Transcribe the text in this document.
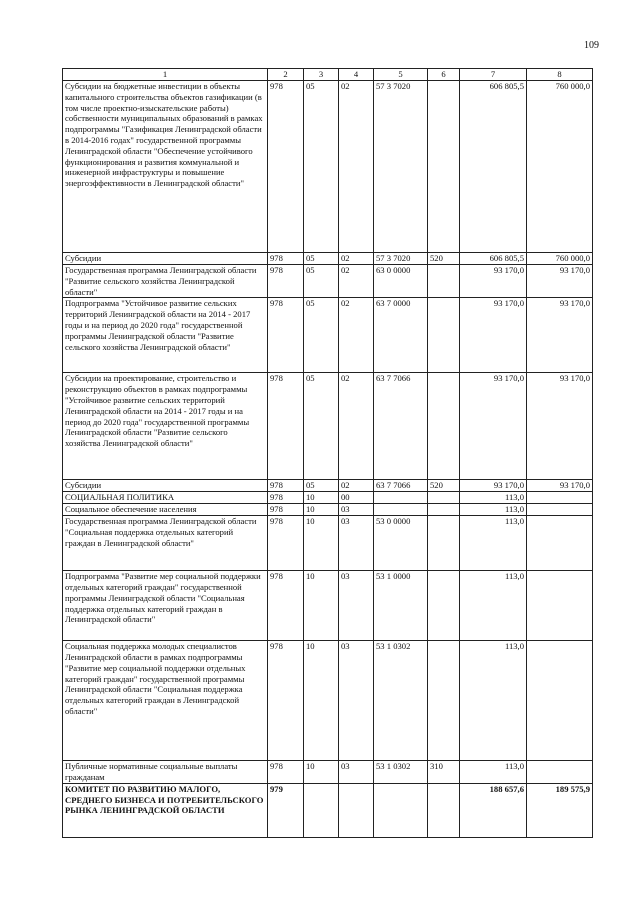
109
1	2	3	4	5	6	7	8
Субсидии на бюджетные инвестиции в объекты капитального строительства объектов газификации (в том числе проектно-изыскательские работы) собственности муниципальных образований в рамках подпрограммы "Газификация Ленинградской области в 2014-2016 годах" государственной программы Ленинградской области "Обеспечение устойчивого функционирования и развития коммунальной и инженерной инфраструктуры и повышение энергоэффективности в Ленинградской области"	978	05	02	57 3 7020		606 805,5	760 000,0
Субсидии	978	05	02	57 3 7020	520	606 805,5	760 000,0
Государственная программа Ленинградской области "Развитие сельского хозяйства Ленинградской области"	978	05	02	63 0 0000		93 170,0	93 170,0
Подпрограмма "Устойчивое развитие сельских территорий Ленинградской области на 2014 - 2017 годы и на период до 2020 года" государственной программы Ленинградской области "Развитие сельского хозяйства Ленинградской области"	978	05	02	63 7 0000		93 170,0	93 170,0
Субсидии на проектирование, строительство и реконструкцию объектов в рамках подпрограммы "Устойчивое развитие сельских территорий Ленинградской области на 2014 - 2017 годы и на период до 2020 года" государственной программы Ленинградской области "Развитие сельского хозяйства Ленинградской области"	978	05	02	63 7 7066		93 170,0	93 170,0
Субсидии	978	05	02	63 7 7066	520	93 170,0	93 170,0
СОЦИАЛЬНАЯ ПОЛИТИКА	978	10	00			113,0	
Социальное обеспечение населения	978	10	03			113,0	
Государственная программа Ленинградской области "Социальная поддержка отдельных категорий граждан в Ленинградской области"	978	10	03	53 0 0000		113,0	
Подпрограмма "Развитие мер социальной поддержки отдельных категорий граждан" государственной программы Ленинградской области "Социальная поддержка отдельных категорий граждан в Ленинградской области"	978	10	03	53 1 0000		113,0	
Социальная поддержка молодых специалистов Ленинградской области в рамках подпрограммы "Развитие мер социальной поддержки отдельных категорий граждан" государственной программы Ленинградской области "Социальная поддержка отдельных категорий граждан в Ленинградской области"	978	10	03	53 1 0302		113,0	
Публичные нормативные социальные выплаты гражданам	978	10	03	53 1 0302	310	113,0	
КОМИТЕТ ПО РАЗВИТИЮ МАЛОГО, СРЕДНЕГО БИЗНЕСА И ПОТРЕБИТЕЛЬСКОГО РЫНКА ЛЕНИНГРАДСКОЙ ОБЛАСТИ	979					188 657,6	189 575,9
